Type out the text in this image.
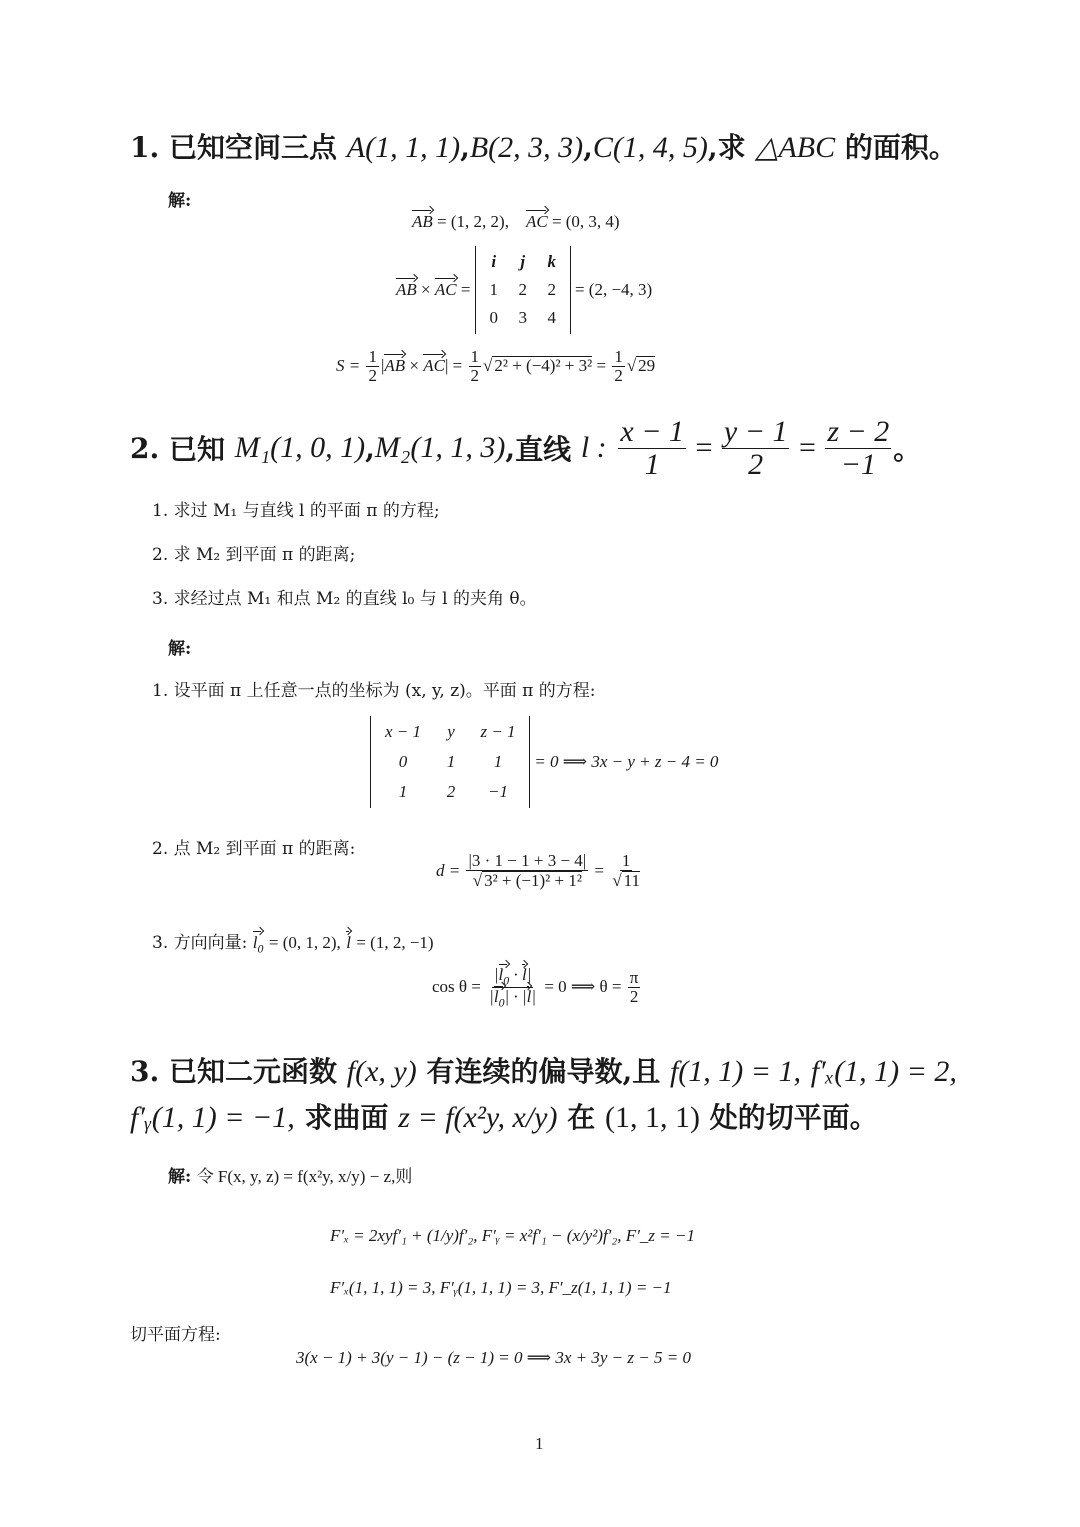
1. 已知空间三点 A(1, 1, 1),B(2, 3, 3),C(1, 4, 5),求 △ABC 的面积。
解:
AB = (1, 2, 2), AC = (0, 3, 4)
AB × AC =
i	j	k
1	2	2
0	3	4
= (2, −4, 3)
S =
$\frac{1}{2} |AB \times AC| = \frac{1}{2}$ √ $2^2 + (-4)^2 + 3^2 = \frac{1}{2}$ √ 29
2.
已知
M₁(1, 0, 1) , M₂(1, 1, 3) , 直线
l :
$\frac{x - 1}{1} = \frac{y - 1}{2} = \frac{z - 2}{-1}$ 。
1. 求过 M₁ 与直线 l 的平面 π 的方程;
2. 求 M₂ 到平面 π 的距离;
3. 求经过点 M₁ 和点 M₂ 的直线 l₀ 与 l 的夹角 θ。
解:
1. 设平面 π 上任意一点的坐标为 (x, y, z)。平面 π 的方程:
x − 1	y	z − 1
0	1	1
1	2	−1
= 0 ⟹ 3x − y + z − 4 = 0
2. 点 M₂ 到平面 π 的距离:
d =
$\frac{|3 \cdot 1 - 1 + 3 - 4|}{\text{√ 3² + (−1)² + 1²}} = \frac{1}{√ 11}$
3. 方向向量: $l_0 = (0$, 1, 2), l = (1, 2, −1)
cos θ =
$\frac{|l_0 \cdot l|}{|l_0| \cdot |l|} = 0$ ⟹ $\theta = \frac{\pi}{2}$
3. 已知二元函数 f(x, y) 有连续的偏导数,且 f(1, 1) = 1, f′ₓ(1, 1) = 2,
f′ᵧ(1, 1) = −1, 求曲面 z = f(x²y, x/y) 在 (1, 1, 1) 处的切平面。
解: 令 F(x, y, z) = f(x²y, x/y) − z,则
F′ₓ = 2xyf′₁ + (1/y)f′₂, F′ᵧ = x²f′₁ − (x/y²)f′₂, F′_z = −1
F′ₓ(1, 1, 1) = 3, F′ᵧ(1, 1, 1) = 3, F′_z(1, 1, 1) = −1
切平面方程:
3(x − 1) + 3(y − 1) − (z − 1) = 0 ⟹ 3x + 3y − z − 5 = 0
1
